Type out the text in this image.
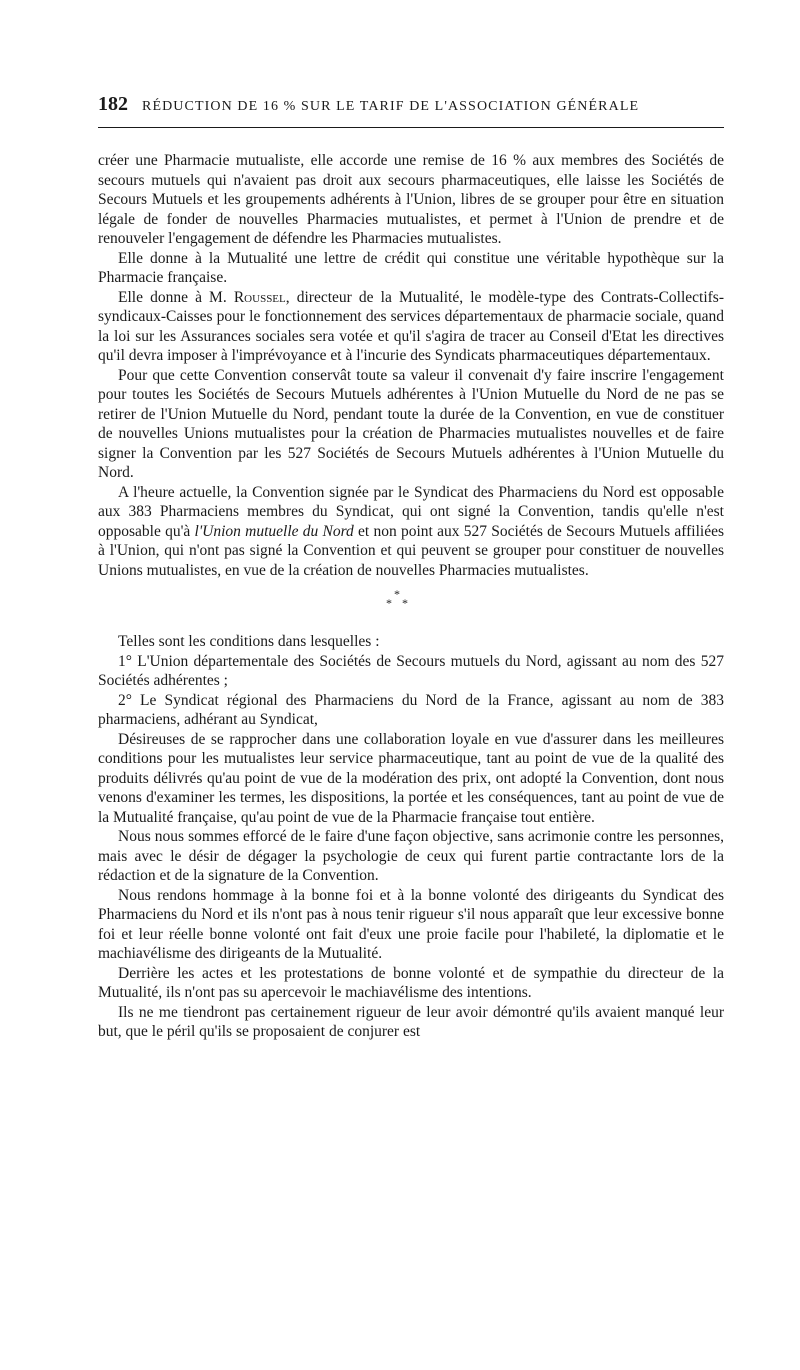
182 RÉDUCTION DE 16 % SUR LE TARIF DE L'ASSOCIATION GÉNÉRALE

créer une Pharmacie mutualiste, elle accorde une remise de 16 % aux membres des Sociétés de secours mutuels qui n'avaient pas droit aux secours pharmaceutiques, elle laisse les Sociétés de Secours Mutuels et les groupements adhérents à l'Union, libres de se grouper pour être en situation légale de fonder de nouvelles Pharmacies mutualistes, et permet à l'Union de prendre et de renouveler l'engagement de défendre les Pharmacies mutualistes.

Elle donne à la Mutualité une lettre de crédit qui constitue une véritable hypothèque sur la Pharmacie française.

Elle donne à M. Roussel, directeur de la Mutualité, le modèle-type des Contrats-Collectifs-syndicaux-Caisses pour le fonctionnement des services départementaux de pharmacie sociale, quand la loi sur les Assurances sociales sera votée et qu'il s'agira de tracer au Conseil d'Etat les directives qu'il devra imposer à l'imprévoyance et à l'incurie des Syndicats pharmaceutiques départementaux.

Pour que cette Convention conservât toute sa valeur il convenait d'y faire inscrire l'engagement pour toutes les Sociétés de Secours Mutuels adhérentes à l'Union Mutuelle du Nord de ne pas se retirer de l'Union Mutuelle du Nord, pendant toute la durée de la Convention, en vue de constituer de nouvelles Unions mutualistes pour la création de Pharmacies mutualistes nouvelles et de faire signer la Convention par les 527 Sociétés de Secours Mutuels adhérentes à l'Union Mutuelle du Nord.

A l'heure actuelle, la Convention signée par le Syndicat des Pharmaciens du Nord est opposable aux 383 Pharmaciens membres du Syndicat, qui ont signé la Convention, tandis qu'elle n'est opposable qu'à l'Union mutuelle du Nord et non point aux 527 Sociétés de Secours Mutuels affiliées à l'Union, qui n'ont pas signé la Convention et qui peuvent se grouper pour constituer de nouvelles Unions mutualistes, en vue de la création de nouvelles Pharmacies mutualistes.

*
* *

Telles sont les conditions dans lesquelles :

1° L'Union départementale des Sociétés de Secours mutuels du Nord, agissant au nom des 527 Sociétés adhérentes ;

2° Le Syndicat régional des Pharmaciens du Nord de la France, agissant au nom de 383 pharmaciens, adhérant au Syndicat,

Désireuses de se rapprocher dans une collaboration loyale en vue d'assurer dans les meilleures conditions pour les mutualistes leur service pharmaceutique, tant au point de vue de la qualité des produits délivrés qu'au point de vue de la modération des prix, ont adopté la Convention, dont nous venons d'examiner les termes, les dispositions, la portée et les conséquences, tant au point de vue de la Mutualité française, qu'au point de vue de la Pharmacie française tout entière.

Nous nous sommes efforcé de le faire d'une façon objective, sans acrimonie contre les personnes, mais avec le désir de dégager la psychologie de ceux qui furent partie contractante lors de la rédaction et de la signature de la Convention.

Nous rendons hommage à la bonne foi et à la bonne volonté des dirigeants du Syndicat des Pharmaciens du Nord et ils n'ont pas à nous tenir rigueur s'il nous apparaît que leur excessive bonne foi et leur réelle bonne volonté ont fait d'eux une proie facile pour l'habileté, la diplomatie et le machiavélisme des dirigeants de la Mutualité.

Derrière les actes et les protestations de bonne volonté et de sympathie du directeur de la Mutualité, ils n'ont pas su apercevoir le machiavélisme des intentions.

Ils ne me tiendront pas certainement rigueur de leur avoir démontré qu'ils avaient manqué leur but, que le péril qu'ils se proposaient de conjurer est
